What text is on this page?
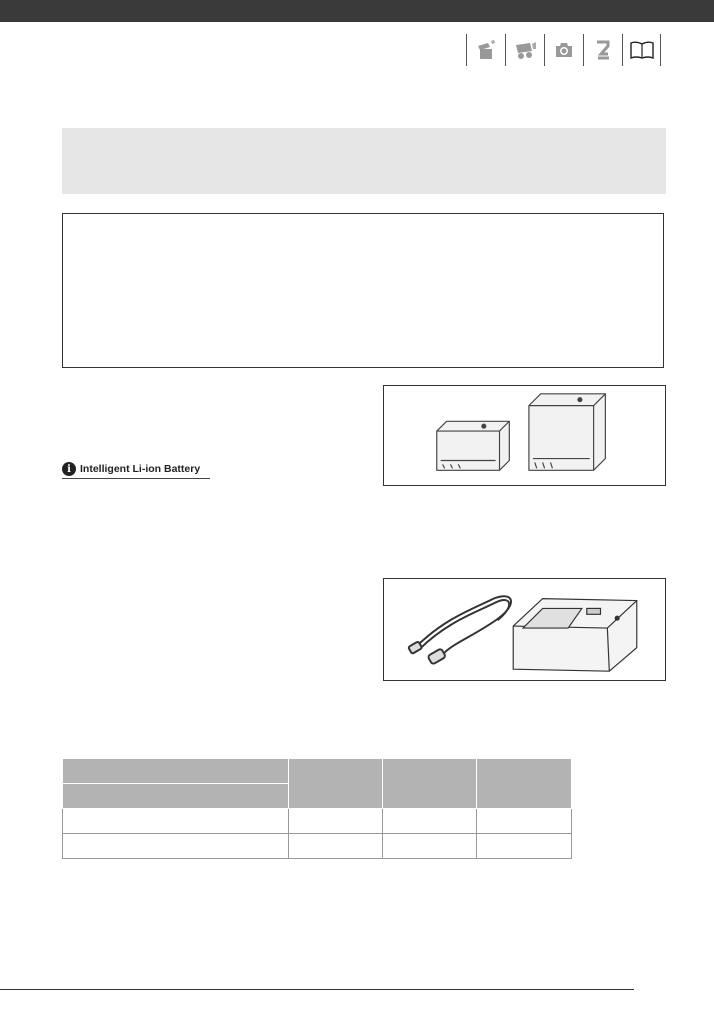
i Intelligent Li-ion Battery
